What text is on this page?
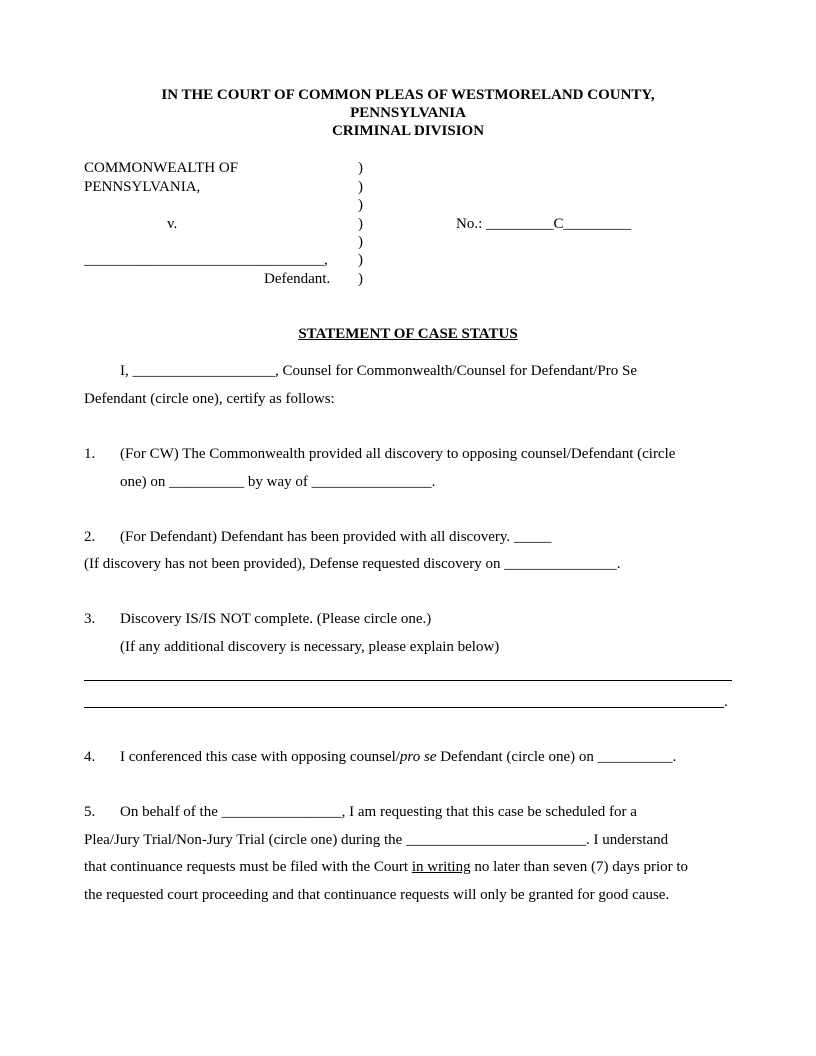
IN THE COURT OF COMMON PLEAS OF WESTMORELAND COUNTY,
PENNSYLVANIA
CRIMINAL DIVISION
COMMONWEALTH OF
PENNSYLVANIA,
v.
________________________________,
Defendant.
)
)
)
)
)
)
)
No.: _________C_________
STATEMENT OF CASE STATUS
I, ___________________, Counsel for Commonwealth/Counsel for Defendant/Pro Se
Defendant (circle one), certify as follows:
1. (For CW) The Commonwealth provided all discovery to opposing counsel/Defendant (circle
one) on __________ by way of ________________.
2. (For Defendant) Defendant has been provided with all discovery. _____
(If discovery has not been provided), Defense requested discovery on _______________.
3. Discovery IS/IS NOT complete. (Please circle one.)
(If any additional discovery is necessary, please explain below)
.
4. I conferenced this case with opposing counsel/pro se Defendant (circle one) on __________.
5. On behalf of the ________________, I am requesting that this case be scheduled for a
Plea/Jury Trial/Non-Jury Trial (circle one) during the ________________________. I understand
that continuance requests must be filed with the Court in writing no later than seven (7) days prior to
the requested court proceeding and that continuance requests will only be granted for good cause.
